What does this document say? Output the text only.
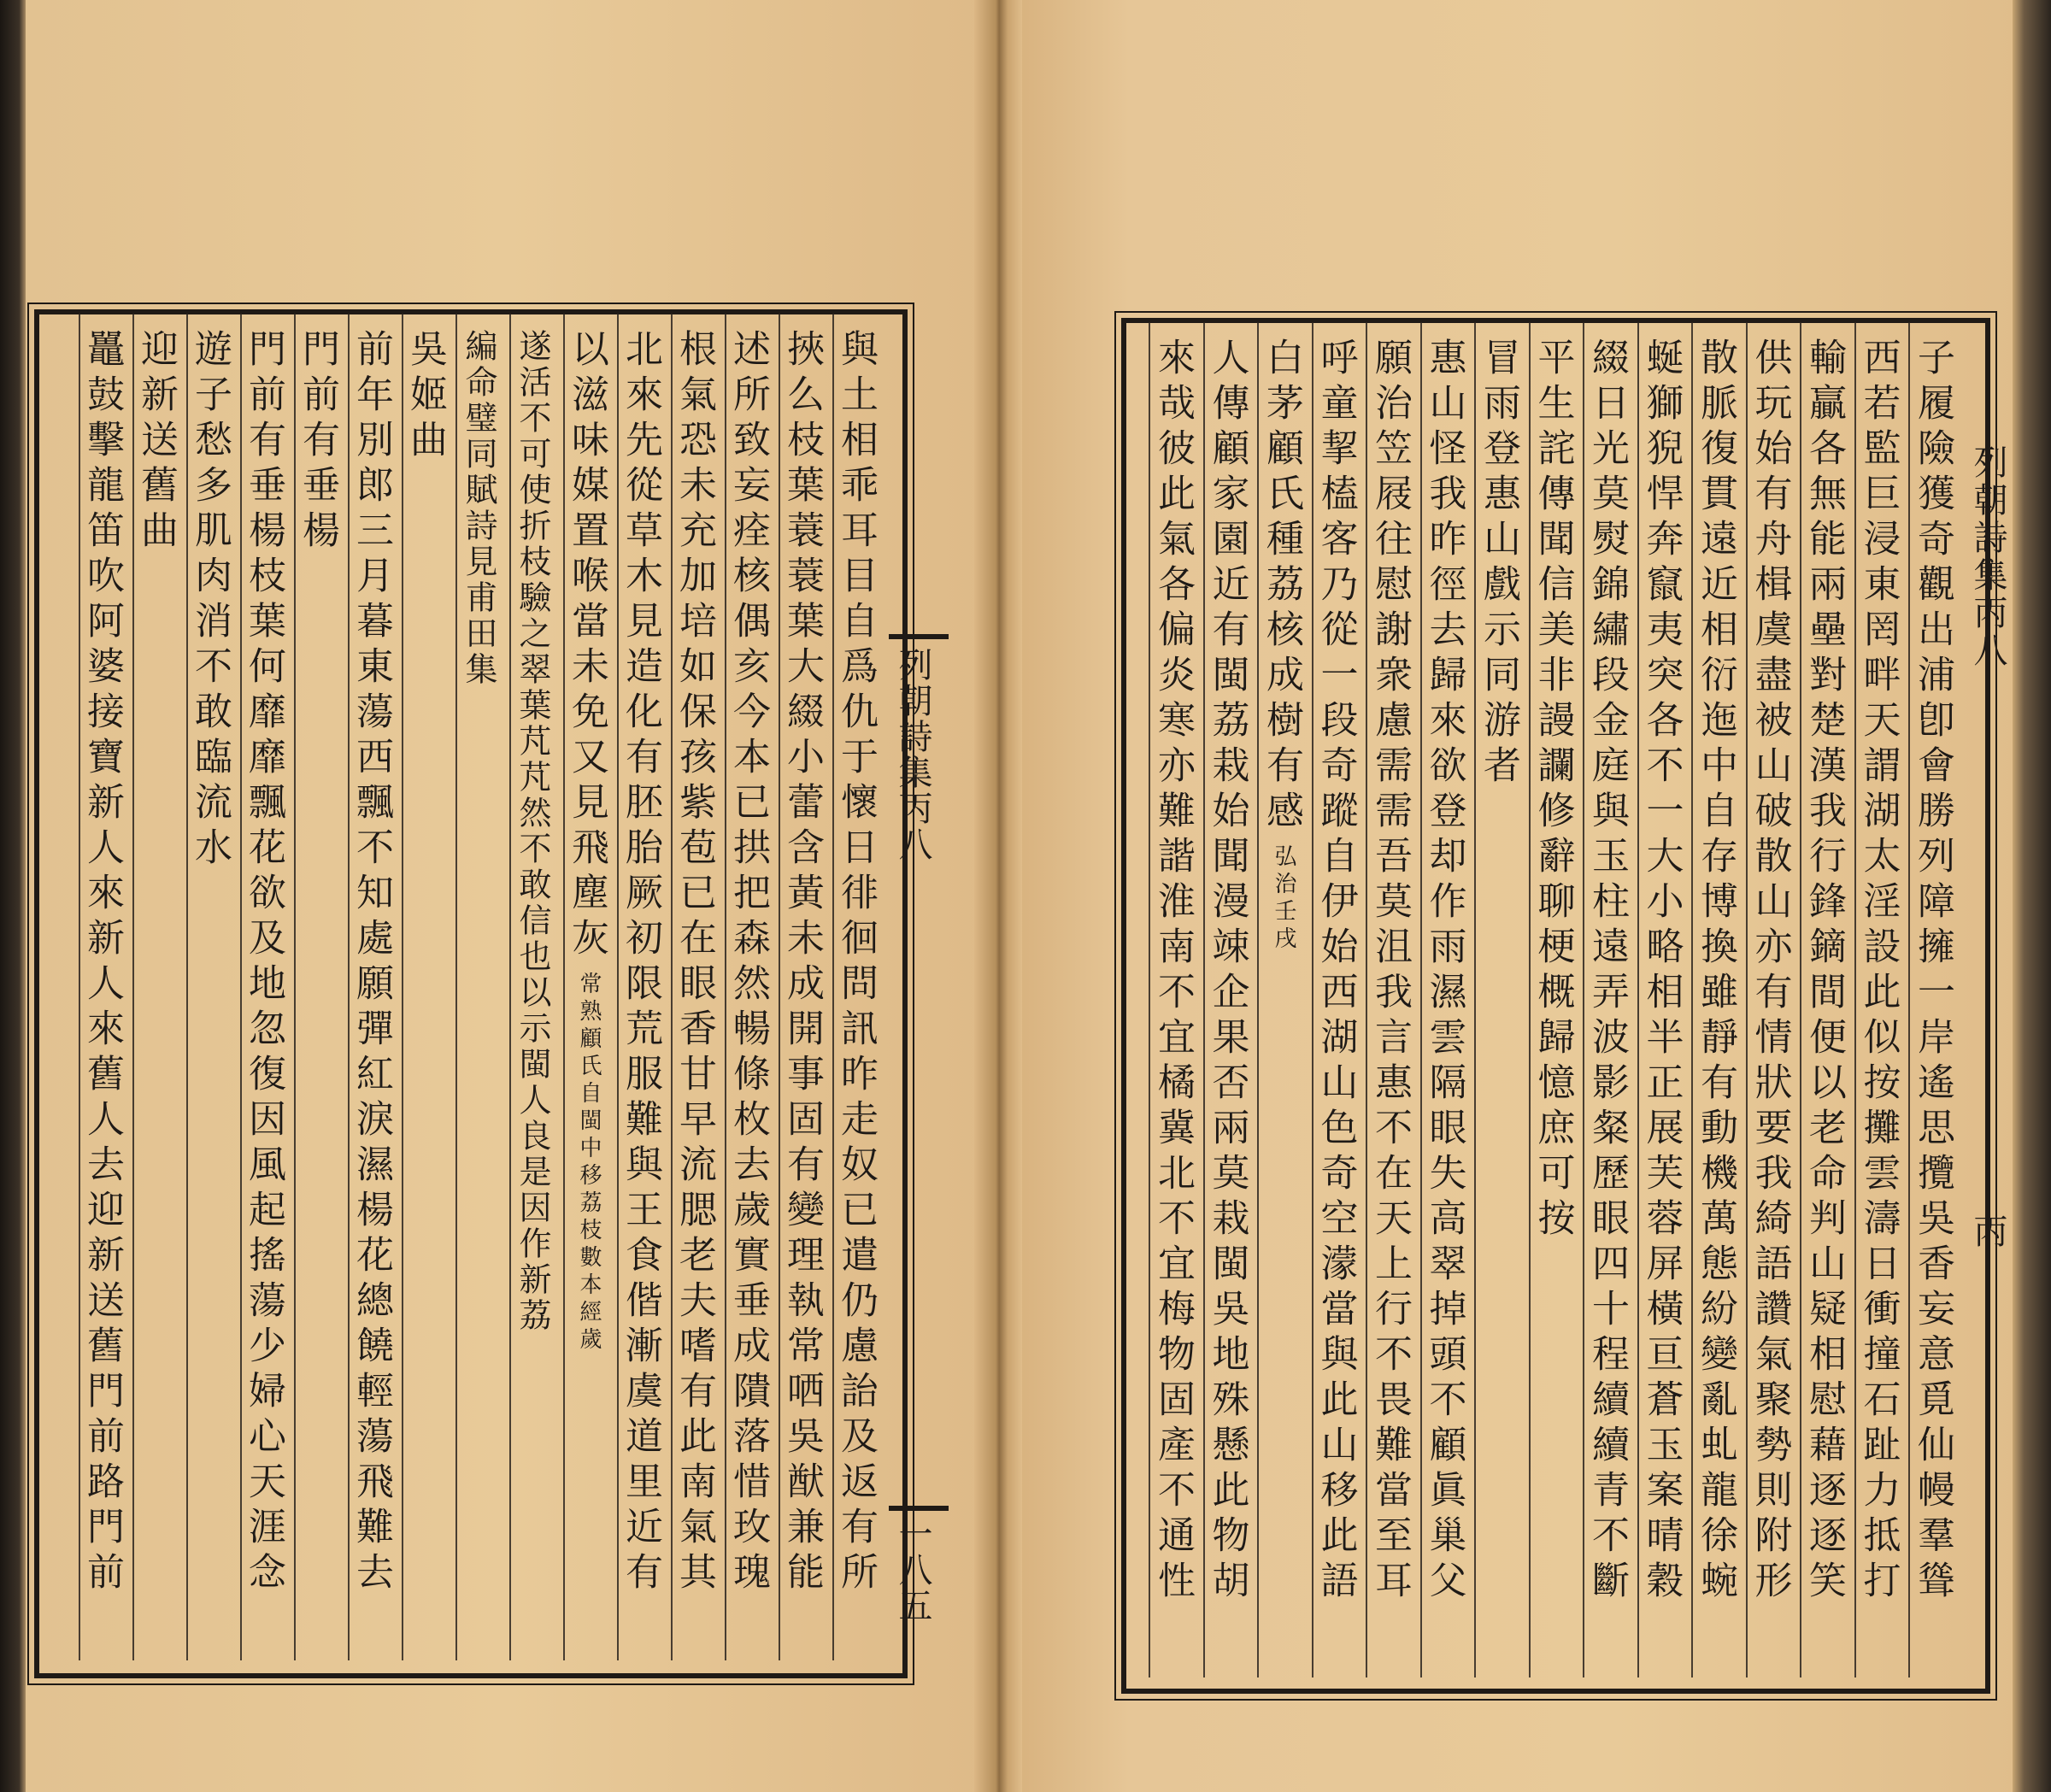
與土相乖耳目自爲仇于懷日徘徊問訊昨走奴已遣仍慮詒及返有所
挾么枝葉蓑蓑葉大綴小蕾含黃未成開事固有變理執常哂吳猷兼能
述所致妄痊核偶亥今本已拱把森然暢條枚去歲實垂成隤落惜玫瑰
根氣恐未充加培如保孩紫苞已在眼香甘早流腮老夫嗜有此南氣其
北來先從草木見造化有胚胎厥初限荒服難與王食偕漸虞道里近有
以滋味媒置喉當未免又見飛塵灰
常熟顧氏自閩中移荔枝數本經歲
遂活不可使折枝驗之翠葉芃芃然不敢信也以示閩人良是因作新荔
編命璧同賦詩見甫田集
吳姬曲
前年別郎三月暮東蕩西飄不知處願彈紅淚濕楊花總饒輕蕩飛難去
門前有垂楊
門前有垂楊枝葉何靡靡飄花欲及地忽復因風起搖蕩少婦心天涯念
遊子愁多肌肉消不敢臨流水
迎新送舊曲
鼉鼓擊龍笛吹阿婆接寶新人來新人來舊人去迎新送舊門前路門前	列朝詩集丙八
一八五	子履險獲奇觀出浦卽會勝列障擁一岸遙思攬吳香妄意覓仙幔羣聳
西若監巨浸東罔畔天謂湖太淫設此似按攤雲濤日衝撞石趾力抵打
輸贏各無能兩壘對楚漢我行鋒鏑間便以老命判山疑相慰藉逐逐笑
供玩始有舟楫虞盡被山破散山亦有情狀要我綺語讚氣聚勢則附形
散脈復貫遠近相衍迤中自存博換雖靜有動機萬態紛變亂虬龍徐蜿
蜒獅猊悍奔竄夷突各不一大小略相半正展芙蓉屏橫亘蒼玉案晴穀
綴日光莫熨錦繡段金庭與玉柱遠弄波影粲歷眼四十程續續青不斷
平生詫傳聞信美非謾讕修辭聊梗概歸憶庶可按
冒雨登惠山戲示同游者
惠山怪我昨徑去歸來欲登却作雨濕雲隔眼失高翠掉頭不顧眞巢父
願治笠屐往慰謝衆慮需需吾莫沮我言惠不在天上行不畏難當至耳
呼童挈榼客乃從一段奇蹤自伊始西湖山色奇空濛當與此山移此語
白茅顧氏種荔核成樹有感
弘治壬戌
人傳顧家園近有閩荔栽始聞漫竦企果否兩莫栽閩吳地殊懸此物胡
來哉彼此氣各偏炎寒亦難諧淮南不宜橘冀北不宜梅物固產不通性	列朝詩集丙八
丙
